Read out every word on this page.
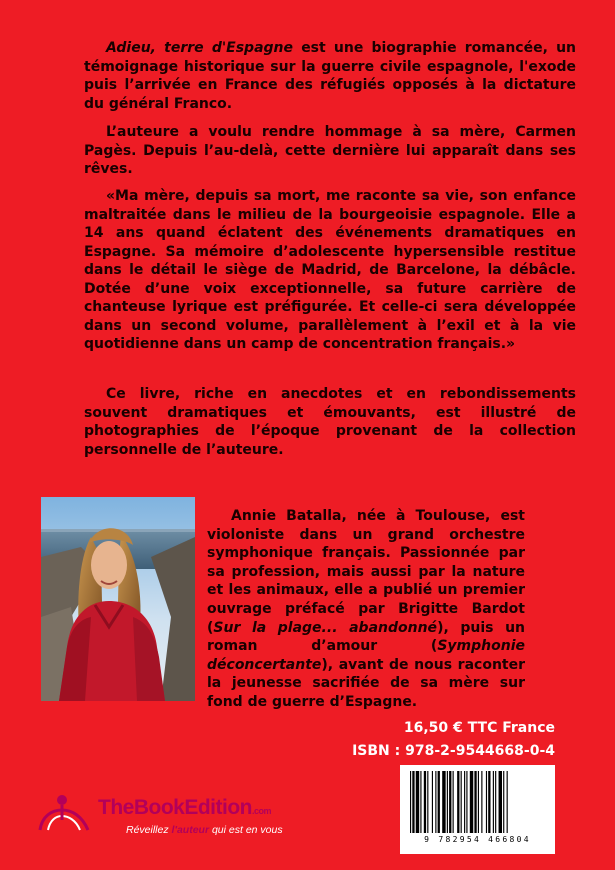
Adieu, terre d'Espagne est une biographie romancée, un témoignage historique sur la guerre civile espagnole, l'exode puis l’arrivée en France des réfugiés opposés à la dictature du général Franco.

L’auteure a voulu rendre hommage à sa mère, Carmen Pagès. Depuis l’au-delà, cette dernière lui apparaît dans ses rêves.

«Ma mère, depuis sa mort, me raconte sa vie, son enfance maltraitée dans le milieu de la bourgeoisie espagnole. Elle a 14 ans quand éclatent des événements dramatiques en Espagne. Sa mémoire d’adolescente hypersensible restitue dans le détail le siège de Madrid, de Barcelone, la débâcle. Dotée d’une voix exceptionnelle, sa future carrière de chanteuse lyrique est préfigurée. Et celle-ci sera développée dans un second volume, parallèlement à l’exil et à la vie quotidienne dans un camp de concentration français.»

Ce livre, riche en anecdotes et en rebondissements souvent dramatiques et émouvants, est illustré de photographies de l’époque provenant de la collection personnelle de l’auteure.

Annie Batalla, née à Toulouse, est violoniste dans un grand orchestre symphonique français. Passionnée par sa profession, mais aussi par la nature et les animaux, elle a publié un premier ouvrage préfacé par Brigitte Bardot (Sur la plage... abandonné), puis un roman d’amour (Symphonie déconcertante), avant de nous raconter la jeunesse sacrifiée de sa mère sur fond de guerre d’Espagne.

16,50 € TTC France
ISBN : 978-2-9544668-0-4
9 782954 466804
TheBookEdition.com
Réveillez l'auteur qui est en vous
